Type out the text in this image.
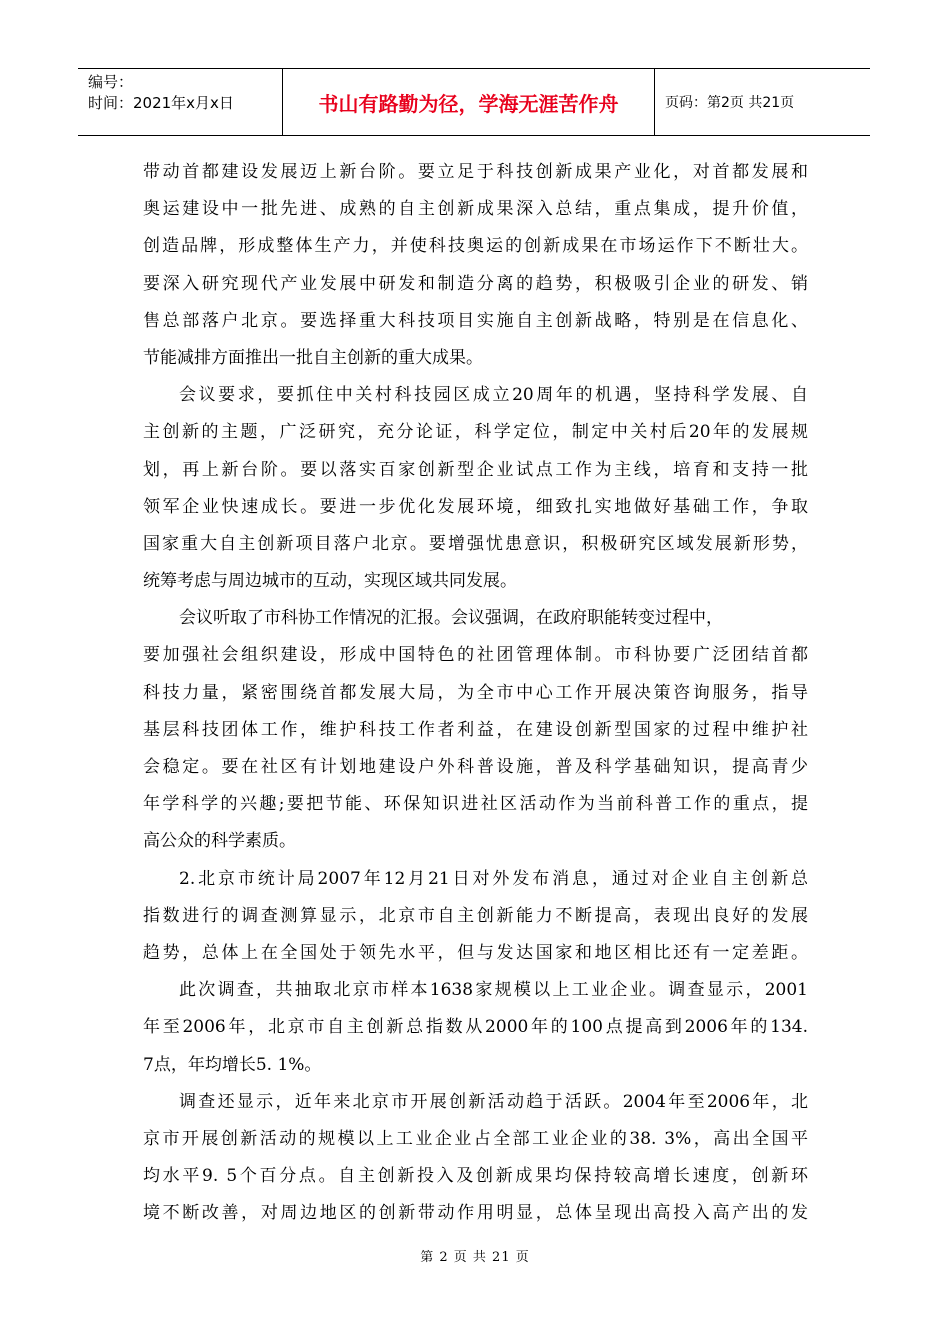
编号：
时间：2021年x月x日	书山有路勤为径，学海无涯苦作舟	页码：第2页 共21页
带动首都建设发展迈上新台阶。要立足于科技创新成果产业化，对首都发展和
奥运建设中一批先进、成熟的自主创新成果深入总结，重点集成，提升价值，
创造品牌，形成整体生产力，并使科技奥运的创新成果在市场运作下不断壮大。
要深入研究现代产业发展中研发和制造分离的趋势，积极吸引企业的研发、销
售总部落户北京。要选择重大科技项目实施自主创新战略，特别是在信息化、
节能减排方面推出一批自主创新的重大成果。
会议要求，要抓住中关村科技园区成立20周年的机遇，坚持科学发展、自
主创新的主题，广泛研究，充分论证，科学定位，制定中关村后20年的发展规
划，再上新台阶。要以落实百家创新型企业试点工作为主线，培育和支持一批
领军企业快速成长。要进一步优化发展环境，细致扎实地做好基础工作，争取
国家重大自主创新项目落户北京。要增强忧患意识，积极研究区域发展新形势，
统筹考虑与周边城市的互动，实现区域共同发展。
会议听取了市科协工作情况的汇报。会议强调，在政府职能转变过程中，
要加强社会组织建设，形成中国特色的社团管理体制。市科协要广泛团结首都
科技力量，紧密围绕首都发展大局，为全市中心工作开展决策咨询服务，指导
基层科技团体工作，维护科技工作者利益，在建设创新型国家的过程中维护社
会稳定。要在社区有计划地建设户外科普设施，普及科学基础知识，提高青少
年学科学的兴趣;要把节能、环保知识进社区活动作为当前科普工作的重点，提
高公众的科学素质。
2.北京市统计局2007年12月21日对外发布消息，通过对企业自主创新总
指数进行的调查测算显示，北京市自主创新能力不断提高，表现出良好的发展
趋势，总体上在全国处于领先水平，但与发达国家和地区相比还有一定差距。
此次调查，共抽取北京市样本1638家规模以上工业企业。调查显示，2001
年至2006年，北京市自主创新总指数从2000年的100点提高到2006年的134.
7点，年均增长5. 1%。
调查还显示，近年来北京市开展创新活动趋于活跃。2004年至2006年，北
京市开展创新活动的规模以上工业企业占全部工业企业的38. 3%，高出全国平
均水平9. 5个百分点。自主创新投入及创新成果均保持较高增长速度，创新环
境不断改善，对周边地区的创新带动作用明显，总体呈现出高投入高产出的发
第 2 页 共 21 页
